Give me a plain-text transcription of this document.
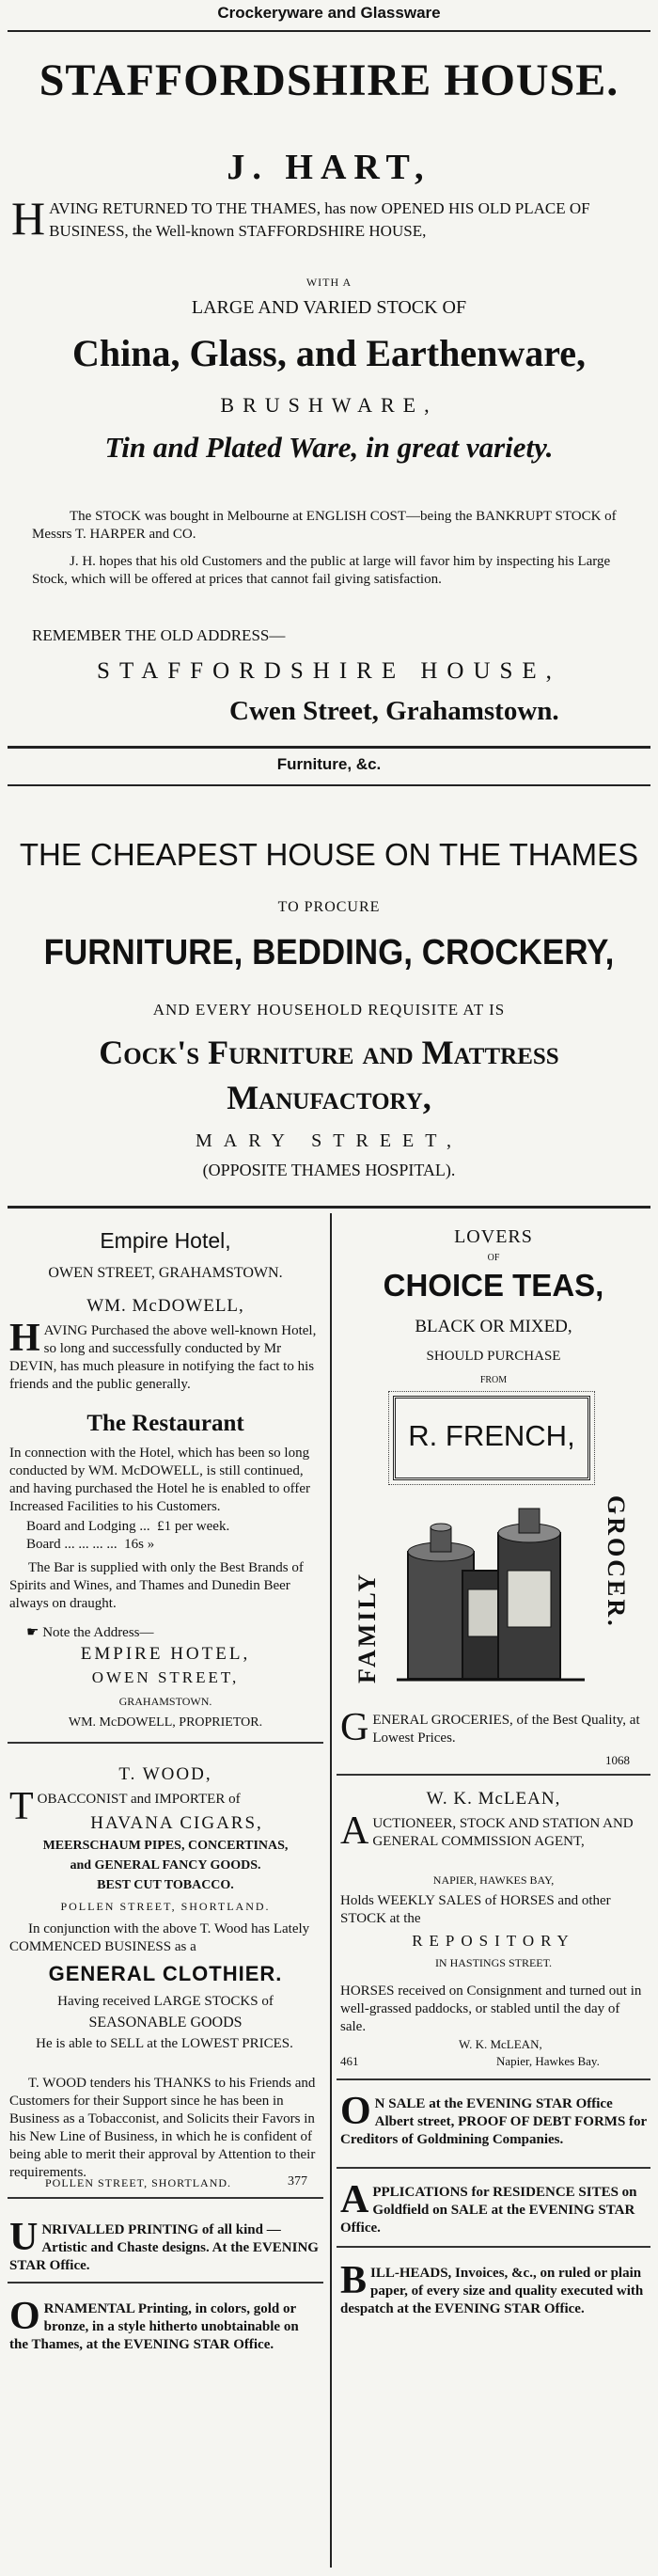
Crockeryware and Glassware
STAFFORDSHIRE HOUSE.
J. HART,
HAVING RETURNED TO THE THAMES, has now OPENED HIS OLD PLACE OF BUSINESS, the Well-known STAFFORDSHIRE HOUSE,
WITH A
LARGE AND VARIED STOCK OF
China, Glass, and Earthenware,
BRUSHWARE,
Tin and Plated Ware, in great variety.
The STOCK was bought in Melbourne at ENGLISH COST—being the BANKRUPT STOCK of Messrs T. HARPER and CO.
J. H. hopes that his old Customers and the public at large will favor him by inspecting his Large Stock, which will be offered at prices that cannot fail giving satisfaction.
REMEMBER THE OLD ADDRESS—
STAFFORDSHIRE HOUSE,
Cwen Street, Grahamstown.
Furniture, &c.
THE CHEAPEST HOUSE ON THE THAMES
TO PROCURE
FURNITURE, BEDDING, CROCKERY,
AND EVERY HOUSEHOLD REQUISITE AT IS
Cock's Furniture and Mattress
Manufactory,
MARY STREET,
(OPPOSITE THAMES HOSPITAL).
Empire Hotel,
OWEN STREET, GRAHAMSTOWN.
WM. McDOWELL,
HAVING Purchased the above well-known Hotel, so long and successfully conducted by Mr DEVIN, has much pleasure in notifying the fact to his friends and the public generally.
The Restaurant
In connection with the Hotel, which has been so long conducted by WM. McDOWELL, is still continued, and having purchased the Hotel he is enabled to offer Increased Facilities to his Customers.
Board and Lodging ... £1 per week.
Board ... ... ... ... 16s »
The Bar is supplied with only the Best Brands of Spirits and Wines, and Thames and Dunedin Beer always on draught.
☛ Note the Address—
EMPIRE HOTEL,
OWEN STREET,
GRAHAMSTOWN.
WM. McDOWELL, PROPRIETOR.
T. WOOD,
TOBACCONIST and IMPORTER of
HAVANA CIGARS,
MEERSCHAUM PIPES, CONCERTINAS,
and GENERAL FANCY GOODS.
BEST CUT TOBACCO.
POLLEN STREET, SHORTLAND.
In conjunction with the above T. Wood has Lately COMMENCED BUSINESS as a
GENERAL CLOTHIER.
Having received LARGE STOCKS of
SEASONABLE GOODS
He is able to SELL at the LOWEST PRICES.
T. WOOD tenders his THANKS to his Friends and Customers for their Support since he has been in Business as a Tobacconist, and Solicits their Favors in his New Line of Business, in which he is confident of being able to merit their approval by Attention to their requirements.
POLLEN STREET, SHORTLAND.	377
UNRIVALLED PRINTING of all kind —Artistic and Chaste designs. At the EVENING STAR Office.
ORNAMENTAL Printing, in colors, gold or bronze, in a style hitherto unobtainable on the Thames, at the EVENING STAR Office.
LOVERS
OF
CHOICE TEAS,
BLACK OR MIXED,
SHOULD PURCHASE
FROM
R. FRENCH,
FAMILY	GROCER.
GENERAL GROCERIES, of the Best Quality, at Lowest Prices.
1068
W. K. McLEAN,
AUCTIONEER, STOCK AND STATION AND GENERAL COMMISSION AGENT,
NAPIER, HAWKES BAY,
Holds WEEKLY SALES of HORSES and other STOCK at the
REPOSITORY
IN HASTINGS STREET.
HORSES received on Consignment and turned out in well-grassed paddocks, or stabled until the day of sale.
W. K. McLEAN,
461	Napier, Hawkes Bay.
O N SALE at the EVENING STAR Office Albert street, PROOF OF DEBT FORMS for Creditors of Goldmining Companies.
APPLICATIONS for RESIDENCE SITES on Goldfield on SALE at the EVENING STAR Office.
BILL-HEADS, Invoices, &c., on ruled or plain paper, of every size and quality executed with despatch at the EVENING STAR Office.
